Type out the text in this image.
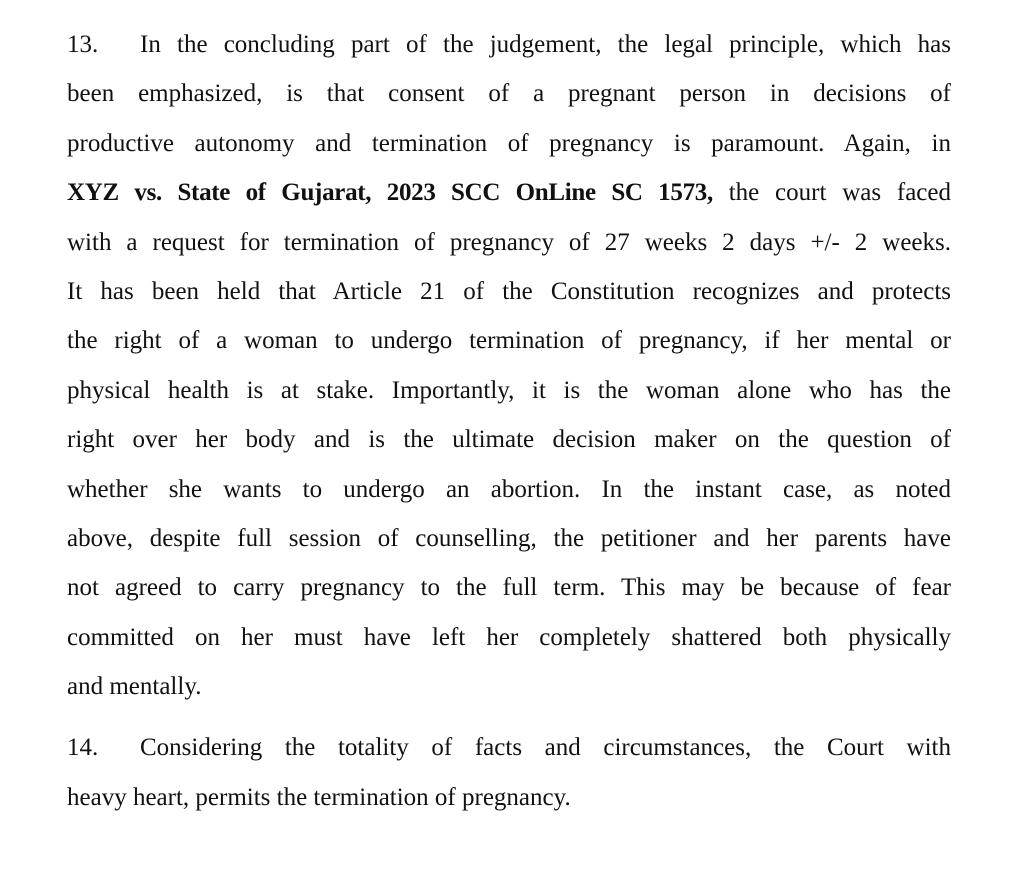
13. In the concluding part of the judgement, the legal principle, which has
been emphasized, is that consent of a pregnant person in decisions of
productive autonomy and termination of pregnancy is paramount. Again, in
XYZ vs. State of Gujarat, 2023 SCC OnLine SC 1573, the court was faced
with a request for termination of pregnancy of 27 weeks 2 days +/- 2 weeks.
It has been held that Article 21 of the Constitution recognizes and protects
the right of a woman to undergo termination of pregnancy, if her mental or
physical health is at stake. Importantly, it is the woman alone who has the
right over her body and is the ultimate decision maker on the question of
whether she wants to undergo an abortion. In the instant case, as noted
above, despite full session of counselling, the petitioner and her parents have
not agreed to carry pregnancy to the full term. This may be because of fear
committed on her must have left her completely shattered both physically
and mentally.
14. Considering the totality of facts and circumstances, the Court with
heavy heart, permits the termination of pregnancy.
